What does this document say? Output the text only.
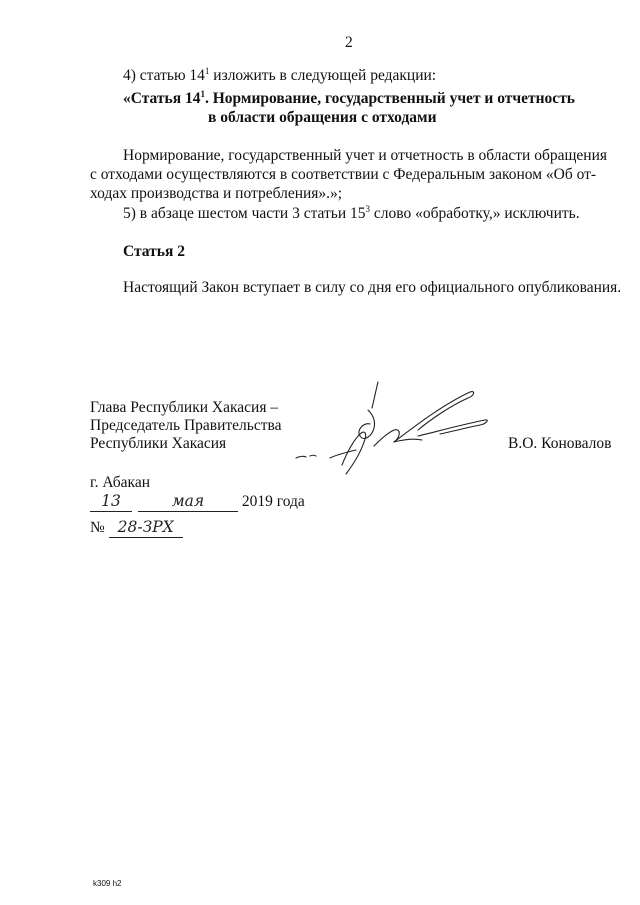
2
4) статью $14^1$ изложить в следующей редакции:
«Статья $14^1$. Нормирование, государственный учет и отчетность
в области обращения с отходами
Нормирование, государственный учет и отчетность в области обращения
с отходами осуществляются в соответствии с Федеральным законом «Об от-
ходах производства и потребления».»;
5) в абзаце шестом части 3 статьи $15^3$ слово «обработку,» исключить.
Статья 2
Настоящий Закон вступает в силу со дня его официального опубликования.
Глава Республики Хакасия –
Председатель Правительства
Республики Хакасия	В.О. Коновалов
г. Абакан
13	мая 2019 года
№ 28-ЗРХ
k309 h2
